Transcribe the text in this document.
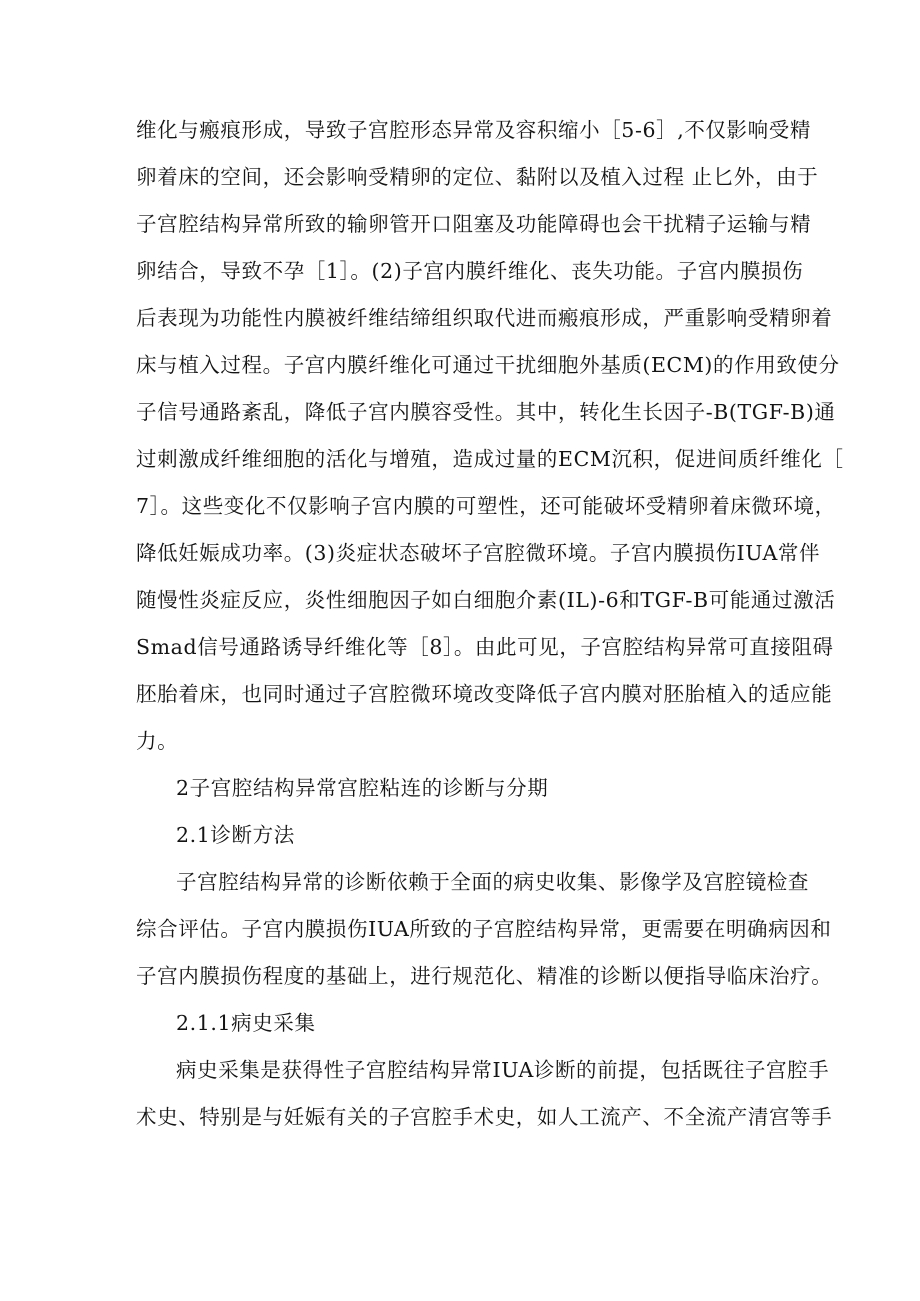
维化与瘢痕形成，导致子宫腔形态异常及容积缩小［5-6］,不仅影响受精
卵着床的空间，还会影响受精卵的定位、黏附以及植入过程 止匕外，由于
子宫腔结构异常所致的输卵管开口阻塞及功能障碍也会干扰精子运输与精
卵结合，导致不孕［1］。(2)子宫内膜纤维化、丧失功能。子宫内膜损伤
后表现为功能性内膜被纤维结缔组织取代进而瘢痕形成，严重影响受精卵着
床与植入过程。子宫内膜纤维化可通过干扰细胞外基质(ECM)的作用致使分
子信号通路紊乱，降低子宫内膜容受性。其中，转化生长因子-B(TGF-B)通
过刺激成纤维细胞的活化与增殖，造成过量的ECM沉积，促进间质纤维化［
7］。这些变化不仅影响子宫内膜的可塑性，还可能破坏受精卵着床微环境，
降低妊娠成功率。(3)炎症状态破坏子宫腔微环境。子宫内膜损伤IUA常伴
随慢性炎症反应，炎性细胞因子如白细胞介素(IL)-6和TGF-B可能通过激活
Smad信号通路诱导纤维化等［8］。由此可见，子宫腔结构异常可直接阻碍
胚胎着床，也同时通过子宫腔微环境改变降低子宫内膜对胚胎植入的适应能
力。
2子宫腔结构异常宫腔粘连的诊断与分期
2.1诊断方法
子宫腔结构异常的诊断依赖于全面的病史收集、影像学及宫腔镜检查
综合评估。子宫内膜损伤IUA所致的子宫腔结构异常，更需要在明确病因和
子宫内膜损伤程度的基础上，进行规范化、精准的诊断以便指导临床治疗。
2.1.1病史采集
病史采集是获得性子宫腔结构异常IUA诊断的前提，包括既往子宫腔手
术史、特别是与妊娠有关的子宫腔手术史，如人工流产、不全流产清宫等手
